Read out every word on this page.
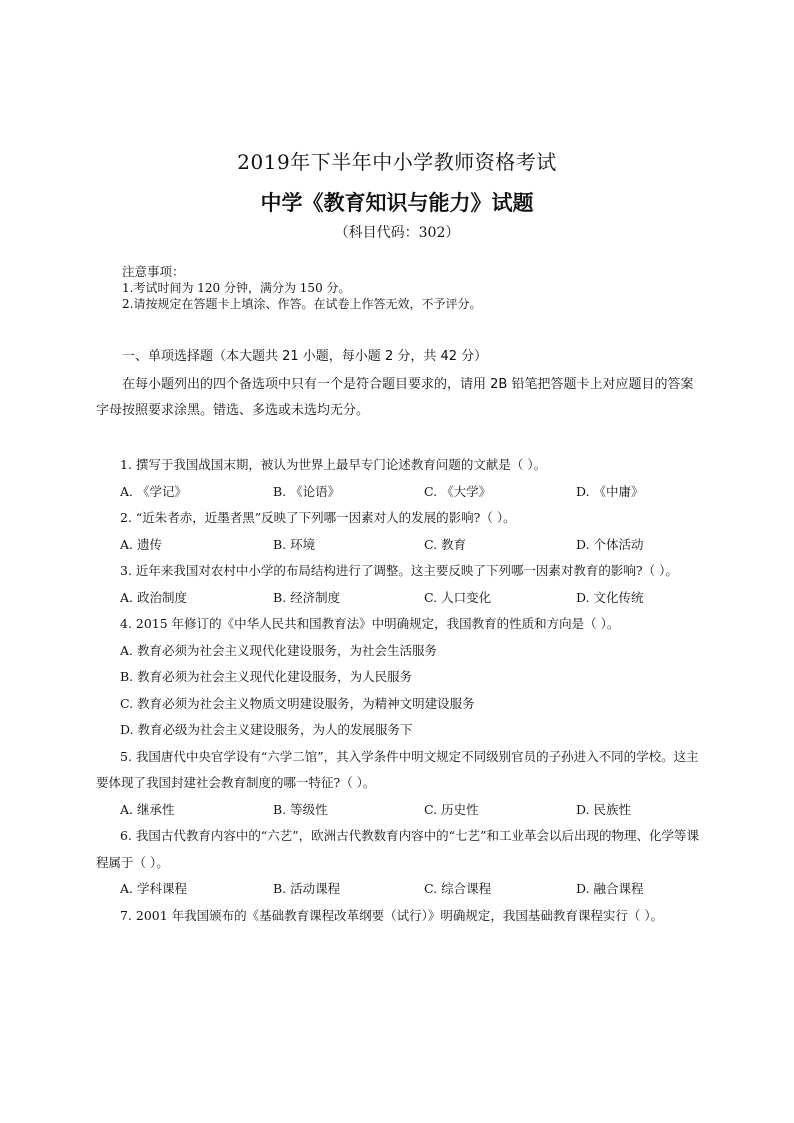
2019年下半年中小学教师资格考试
中学《教育知识与能力》试题
（科目代码：302）
注意事项：
1.考试时间为 120 分钟，满分为 150 分。
2.请按规定在答题卡上填涂、作答。在试卷上作答无效，不予评分。
一、单项选择题（本大题共 21 小题，每小题 2 分，共 42 分）
在每小题列出的四个备选项中只有一个是符合题目要求的，请用 2B 铅笔把答题卡上对应题目的答案字母按照要求涂黑。错选、多选或未选均无分。
1. 撰写于我国战国末期，被认为世界上最早专门论述教育问题的文献是（ ）。
A. 《学记》	B. 《论语》	C. 《大学》	D. 《中庸》
2. “近朱者赤，近墨者黑”反映了下列哪一因素对人的发展的影响?（ ）。
A. 遗传	B. 环境	C. 教育	D. 个体活动
3. 近年来我国对农村中小学的布局结构进行了调整。这主要反映了下列哪一因素对教育的影响?（ ）。
A. 政治制度	B. 经济制度	C. 人口变化	D. 文化传统
4. 2015 年修订的《中华人民共和国教育法》中明确规定，我国教育的性质和方向是（ ）。
A. 教育必须为社会主义现代化建设服务，为社会生活服务
B. 教育必须为社会主义现代化建设服务，为人民服务
C. 教育必须为社会主义物质文明建设服务，为精神文明建设服务
D. 教育必级为社会主义建设服务，为人的发展服务下
5. 我国唐代中央官学设有“六学二馆”，其入学条件中明文规定不同级别官员的子孙进入不同的学校。这主要体现了我国封建社会教育制度的哪一特征?（ ）。
A. 继承性	B. 等级性	C. 历史性	D. 民族性
6. 我国古代教育内容中的“六艺”，欧洲古代教数育内容中的“七艺”和工业革会以后出现的物理、化学等课程属于（ ）。
A. 学科课程	B. 活动课程	C. 综合课程	D. 融合课程
7. 2001 年我国颁布的《基础教育课程改革纲要（试行）》明确规定，我国基础教育课程实行（ ）。
